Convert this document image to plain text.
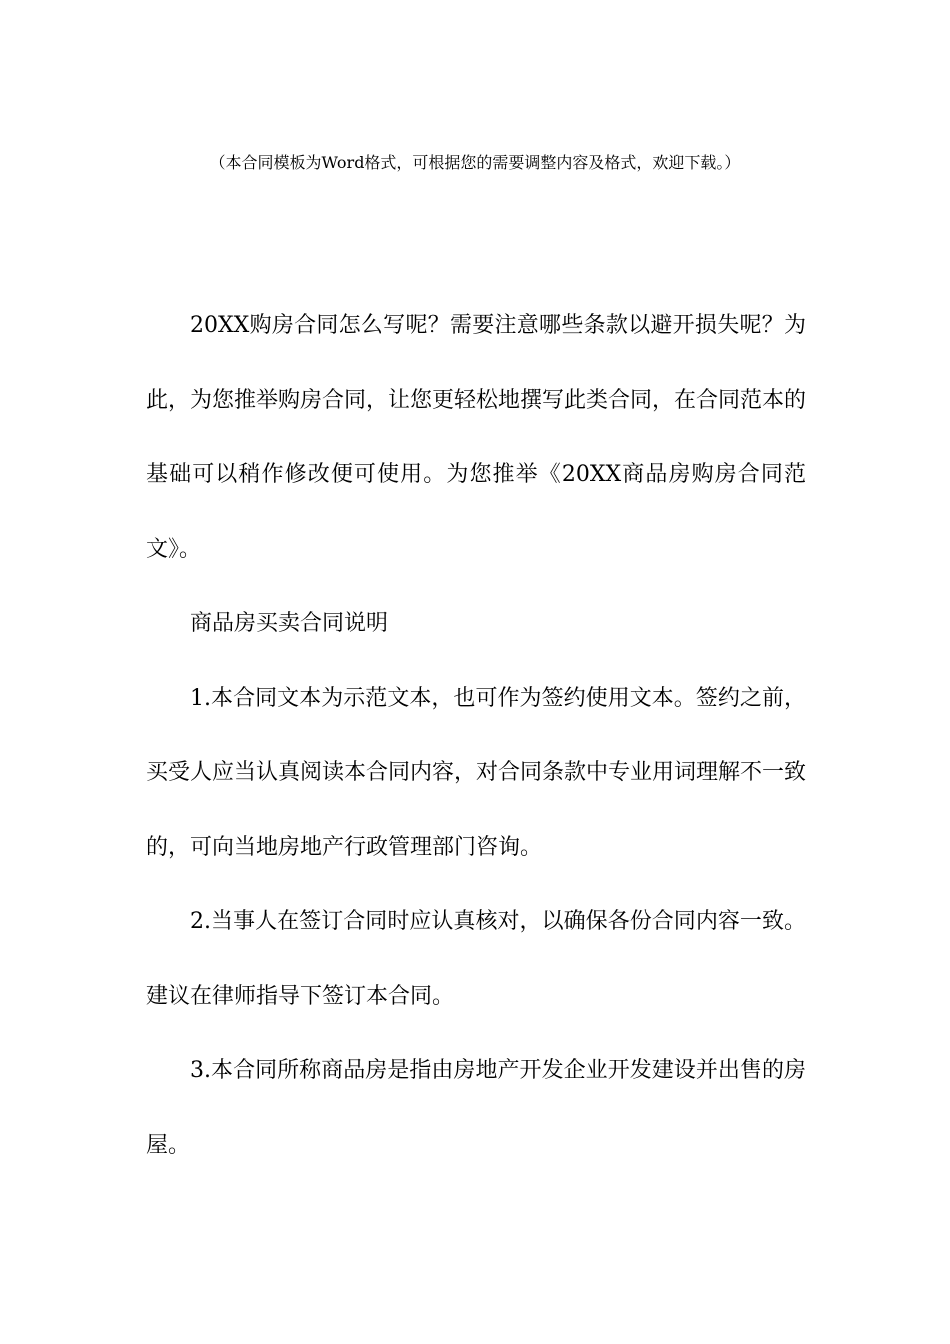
（本合同模板为Word格式，可根据您的需要调整内容及格式，欢迎下载。）

20XX购房合同怎么写呢？需要注意哪些条款以避开损失呢？为此，为您推举购房合同，让您更轻松地撰写此类合同，在合同范本的基础可以稍作修改便可使用。为您推举《20XX商品房购房合同范文》。

商品房买卖合同说明

1.本合同文本为示范文本，也可作为签约使用文本。签约之前，买受人应当认真阅读本合同内容，对合同条款中专业用词理解不一致的，可向当地房地产行政管理部门咨询。

2.当事人在签订合同时应认真核对，以确保各份合同内容一致。建议在律师指导下签订本合同。

3.本合同所称商品房是指由房地产开发企业开发建设并出售的房屋。
